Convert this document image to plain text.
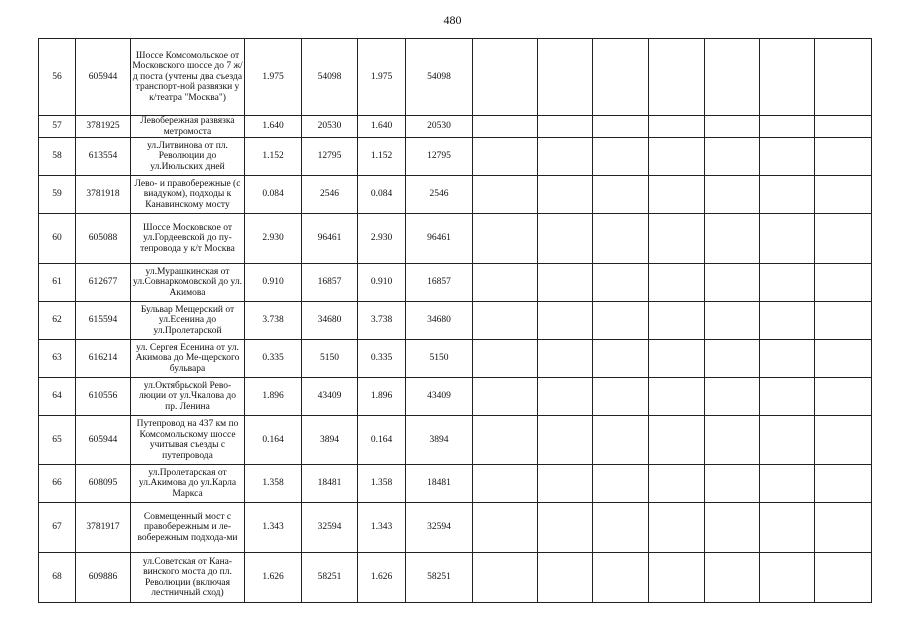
480
56	605944	Шоссе Комсомольское от Московского шоссе до 7 ж/д поста (учтены два съезда транспорт-ной развязки у к/театра "Москва")	1.975	54098	1.975	54098							
57	3781925	Левобережная развязка метромоста	1.640	20530	1.640	20530							
58	613554	ул.Литвинова от пл. Революции до ул.Июльских дней	1.152	12795	1.152	12795							
59	3781918	Лево- и правобережные (с виадуком), подходы к Канавинскому мосту	0.084	2546	0.084	2546							
60	605088	Шоссе Московское от ул.Гордеевской до пу-тепровода у к/т Москва	2.930	96461	2.930	96461							
61	612677	ул.Мурашкинская от ул.Совнаркомовской до ул. Акимова	0.910	16857	0.910	16857							
62	615594	Бульвар Мещерский от ул.Есенина до ул.Пролетарской	3.738	34680	3.738	34680							
63	616214	ул. Сергея Есенина от ул. Акимова до Ме-щерского бульвара	0.335	5150	0.335	5150							
64	610556	ул.Октябрьской Рево-люции от ул.Чкалова до пр. Ленина	1.896	43409	1.896	43409							
65	605944	Путепровод на 437 км по Комсомольскому шоссе учитывая съезды с путепровода	0.164	3894	0.164	3894							
66	608095	ул.Пролетарская от ул.Акимова до ул.Карла Маркса	1.358	18481	1.358	18481							
67	3781917	Совмещенный мост с правобережным и ле-вобережным подхода-ми	1.343	32594	1.343	32594							
68	609886	ул.Советская от Кана-винского моста до пл. Революции (включая лестничный сход)	1.626	58251	1.626	58251							
